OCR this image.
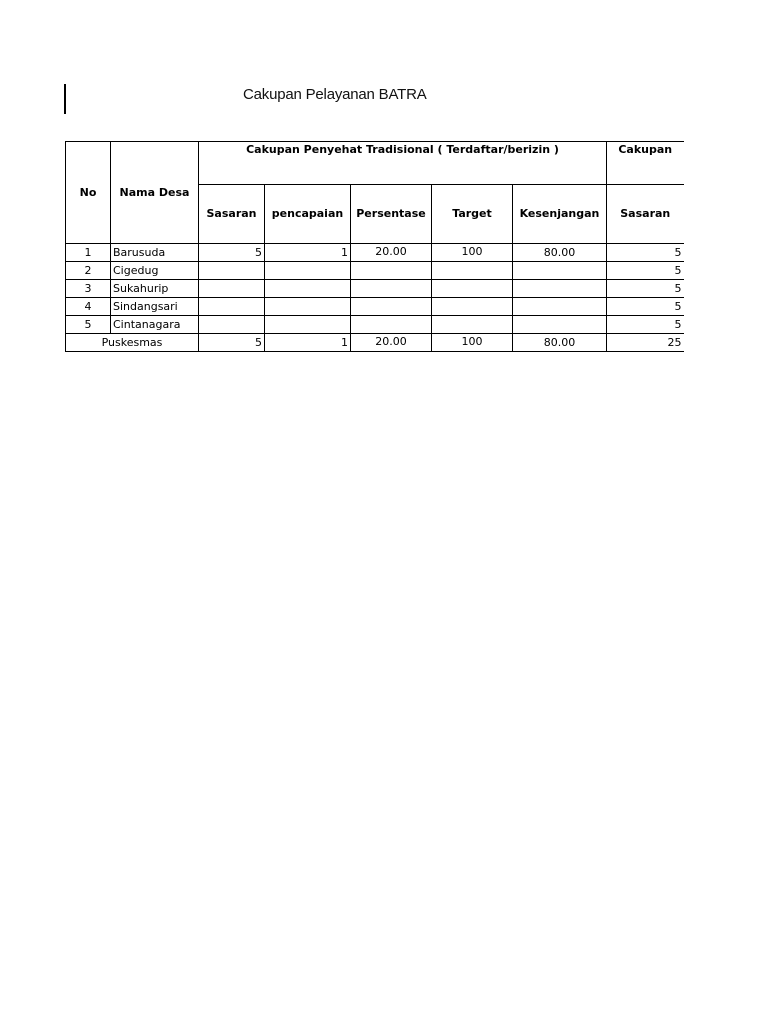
Cakupan Pelayanan BATRA
No	Nama Desa	Cakupan Penyehat Tradisional ( Terdaftar/berizin )					Cakupan
		Sasaran	pencapaian	Persentase	Target	Kesenjangan	Sasaran
1	Barusuda	5	1	20.00	100	80.00	5
2	Cigedug						5
3	Sukahurip						5
4	Sindangsari						5
5	Cintanagara						5
Puskesmas		5	1	20.00	100	80.00	25
